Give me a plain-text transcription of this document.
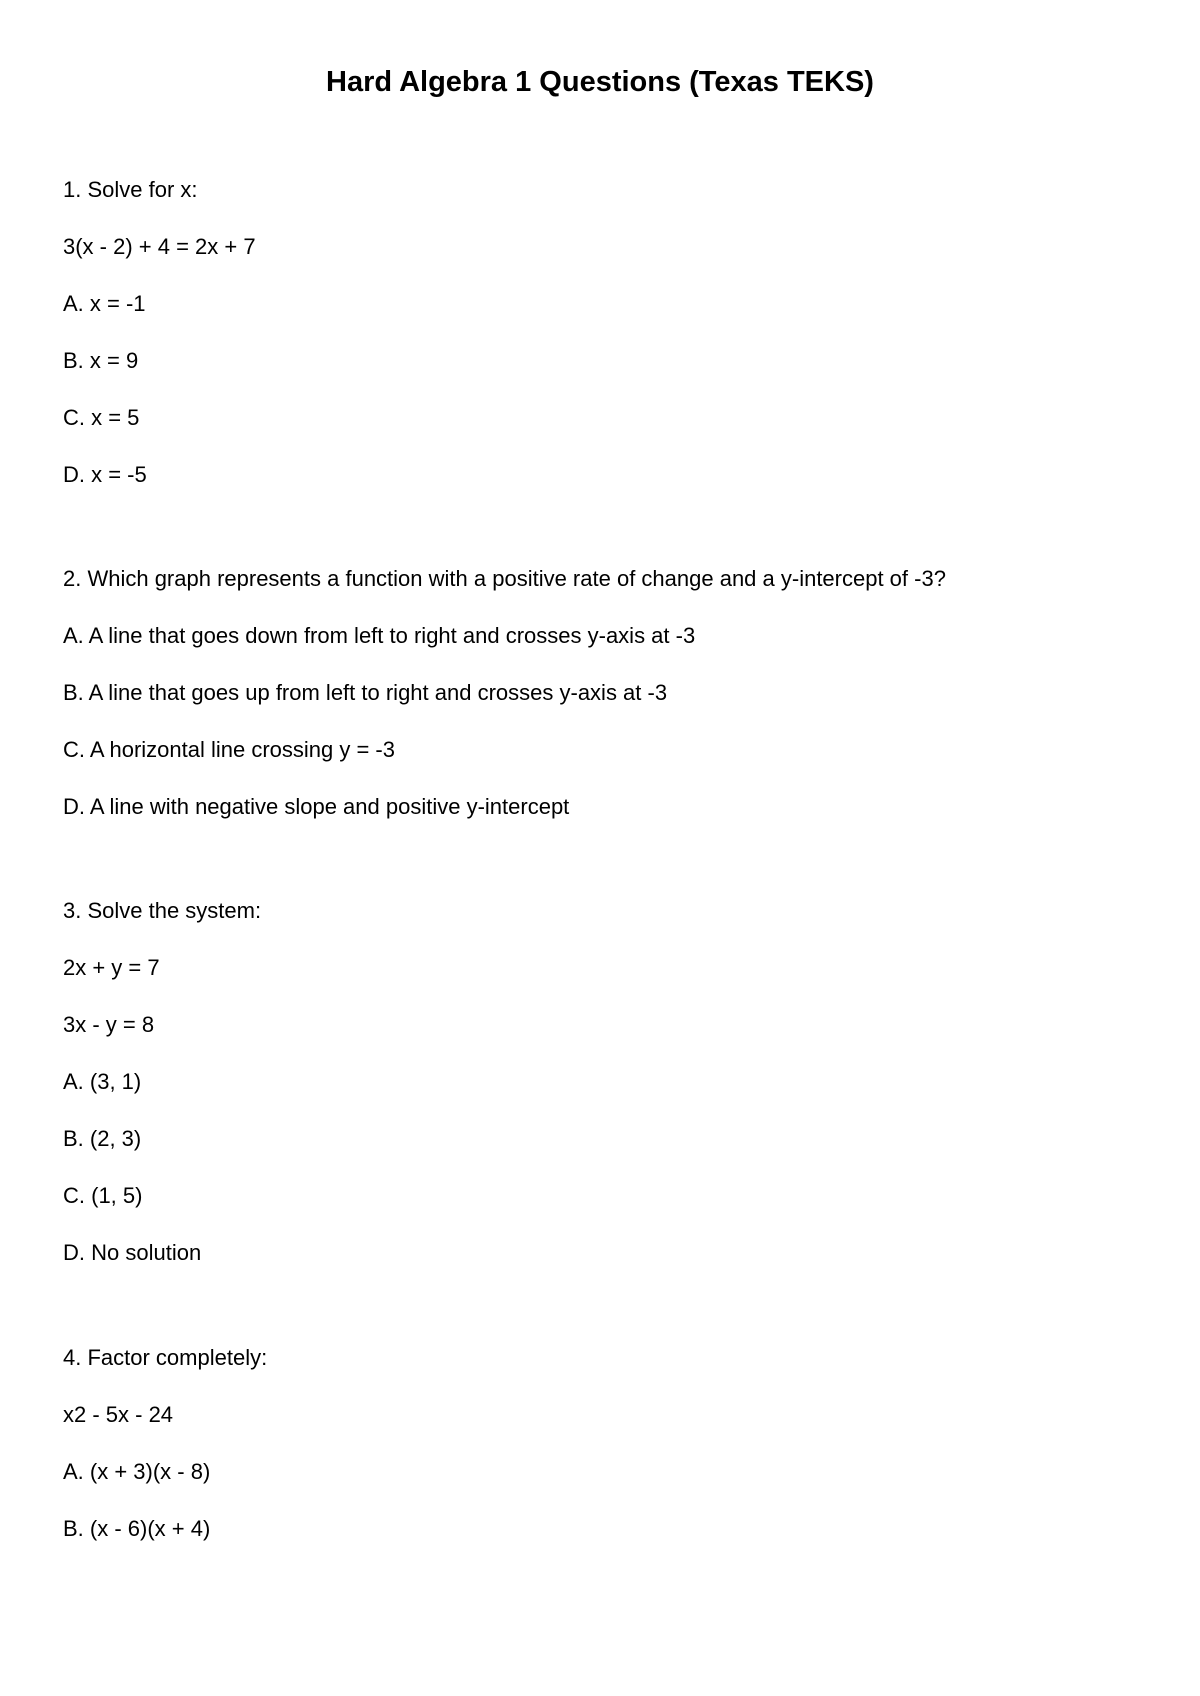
Hard Algebra 1 Questions (Texas TEKS)

1. Solve for x:

3(x - 2) + 4 = 2x + 7

A. x = -1

B. x = 9

C. x = 5

D. x = -5

2. Which graph represents a function with a positive rate of change and a y-intercept of -3?

A. A line that goes down from left to right and crosses y-axis at -3

B. A line that goes up from left to right and crosses y-axis at -3

C. A horizontal line crossing y = -3

D. A line with negative slope and positive y-intercept

3. Solve the system:

2x + y = 7

3x - y = 8

A. (3, 1)

B. (2, 3)

C. (1, 5)

D. No solution

4. Factor completely:

x2 - 5x - 24

A. (x + 3)(x - 8)

B. (x - 6)(x + 4)
